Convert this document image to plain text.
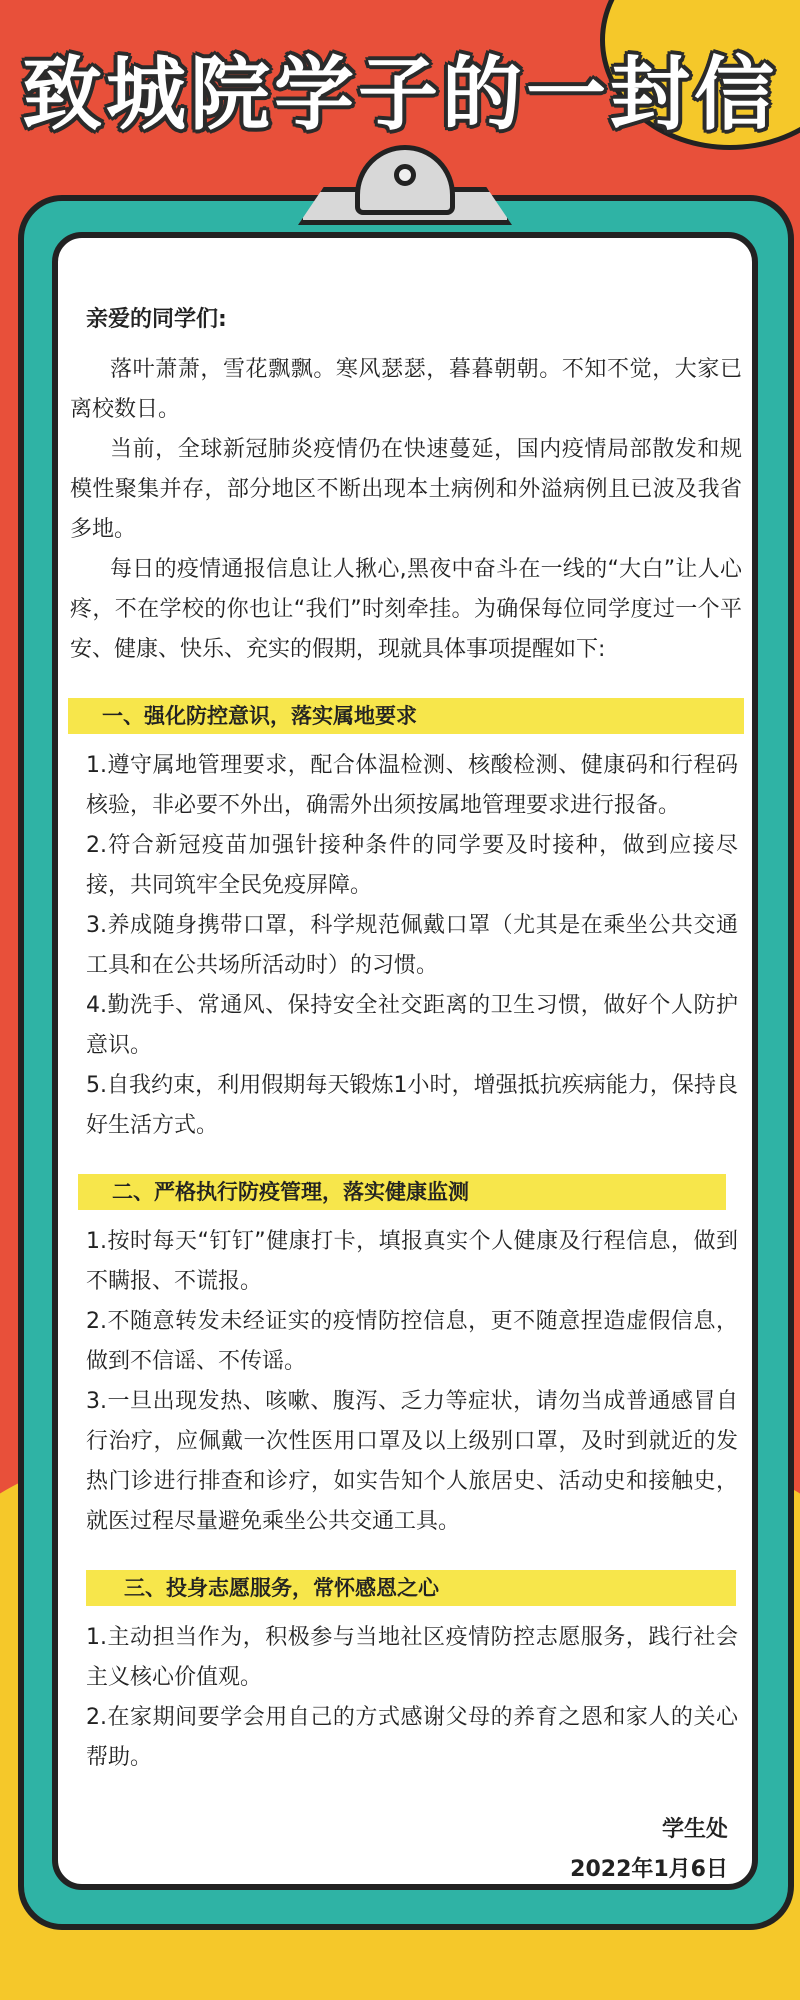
致城院学子的一封信

亲爱的同学们:

落叶萧萧，雪花飘飘。寒风瑟瑟，暮暮朝朝。不知不觉，大家已离校数日。

当前，全球新冠肺炎疫情仍在快速蔓延，国内疫情局部散发和规模性聚集并存，部分地区不断出现本土病例和外溢病例且已波及我省多地。

每日的疫情通报信息让人揪心,黑夜中奋斗在一线的“大白”让人心疼，不在学校的你也让“我们”时刻牵挂。为确保每位同学度过一个平安、健康、快乐、充实的假期，现就具体事项提醒如下:

一、强化防控意识，落实属地要求

1.遵守属地管理要求，配合体温检测、核酸检测、健康码和行程码核验，非必要不外出，确需外出须按属地管理要求进行报备。

2.符合新冠疫苗加强针接种条件的同学要及时接种，做到应接尽接，共同筑牢全民免疫屏障。

3.养成随身携带口罩，科学规范佩戴口罩（尤其是在乘坐公共交通工具和在公共场所活动时）的习惯。

4.勤洗手、常通风、保持安全社交距离的卫生习惯，做好个人防护意识。

5.自我约束，利用假期每天锻炼1小时，增强抵抗疾病能力，保持良好生活方式。

二、严格执行防疫管理，落实健康监测

1.按时每天“钉钉”健康打卡，填报真实个人健康及行程信息，做到不瞒报、不谎报。

2.不随意转发未经证实的疫情防控信息，更不随意捏造虚假信息，做到不信谣、不传谣。

3.一旦出现发热、咳嗽、腹泻、乏力等症状，请勿当成普通感冒自行治疗，应佩戴一次性医用口罩及以上级别口罩，及时到就近的发热门诊进行排查和诊疗，如实告知个人旅居史、活动史和接触史，就医过程尽量避免乘坐公共交通工具。

三、投身志愿服务，常怀感恩之心

1.主动担当作为，积极参与当地社区疫情防控志愿服务，践行社会主义核心价值观。

2.在家期间要学会用自己的方式感谢父母的养育之恩和家人的关心帮助。

学生处
2022年1月6日
